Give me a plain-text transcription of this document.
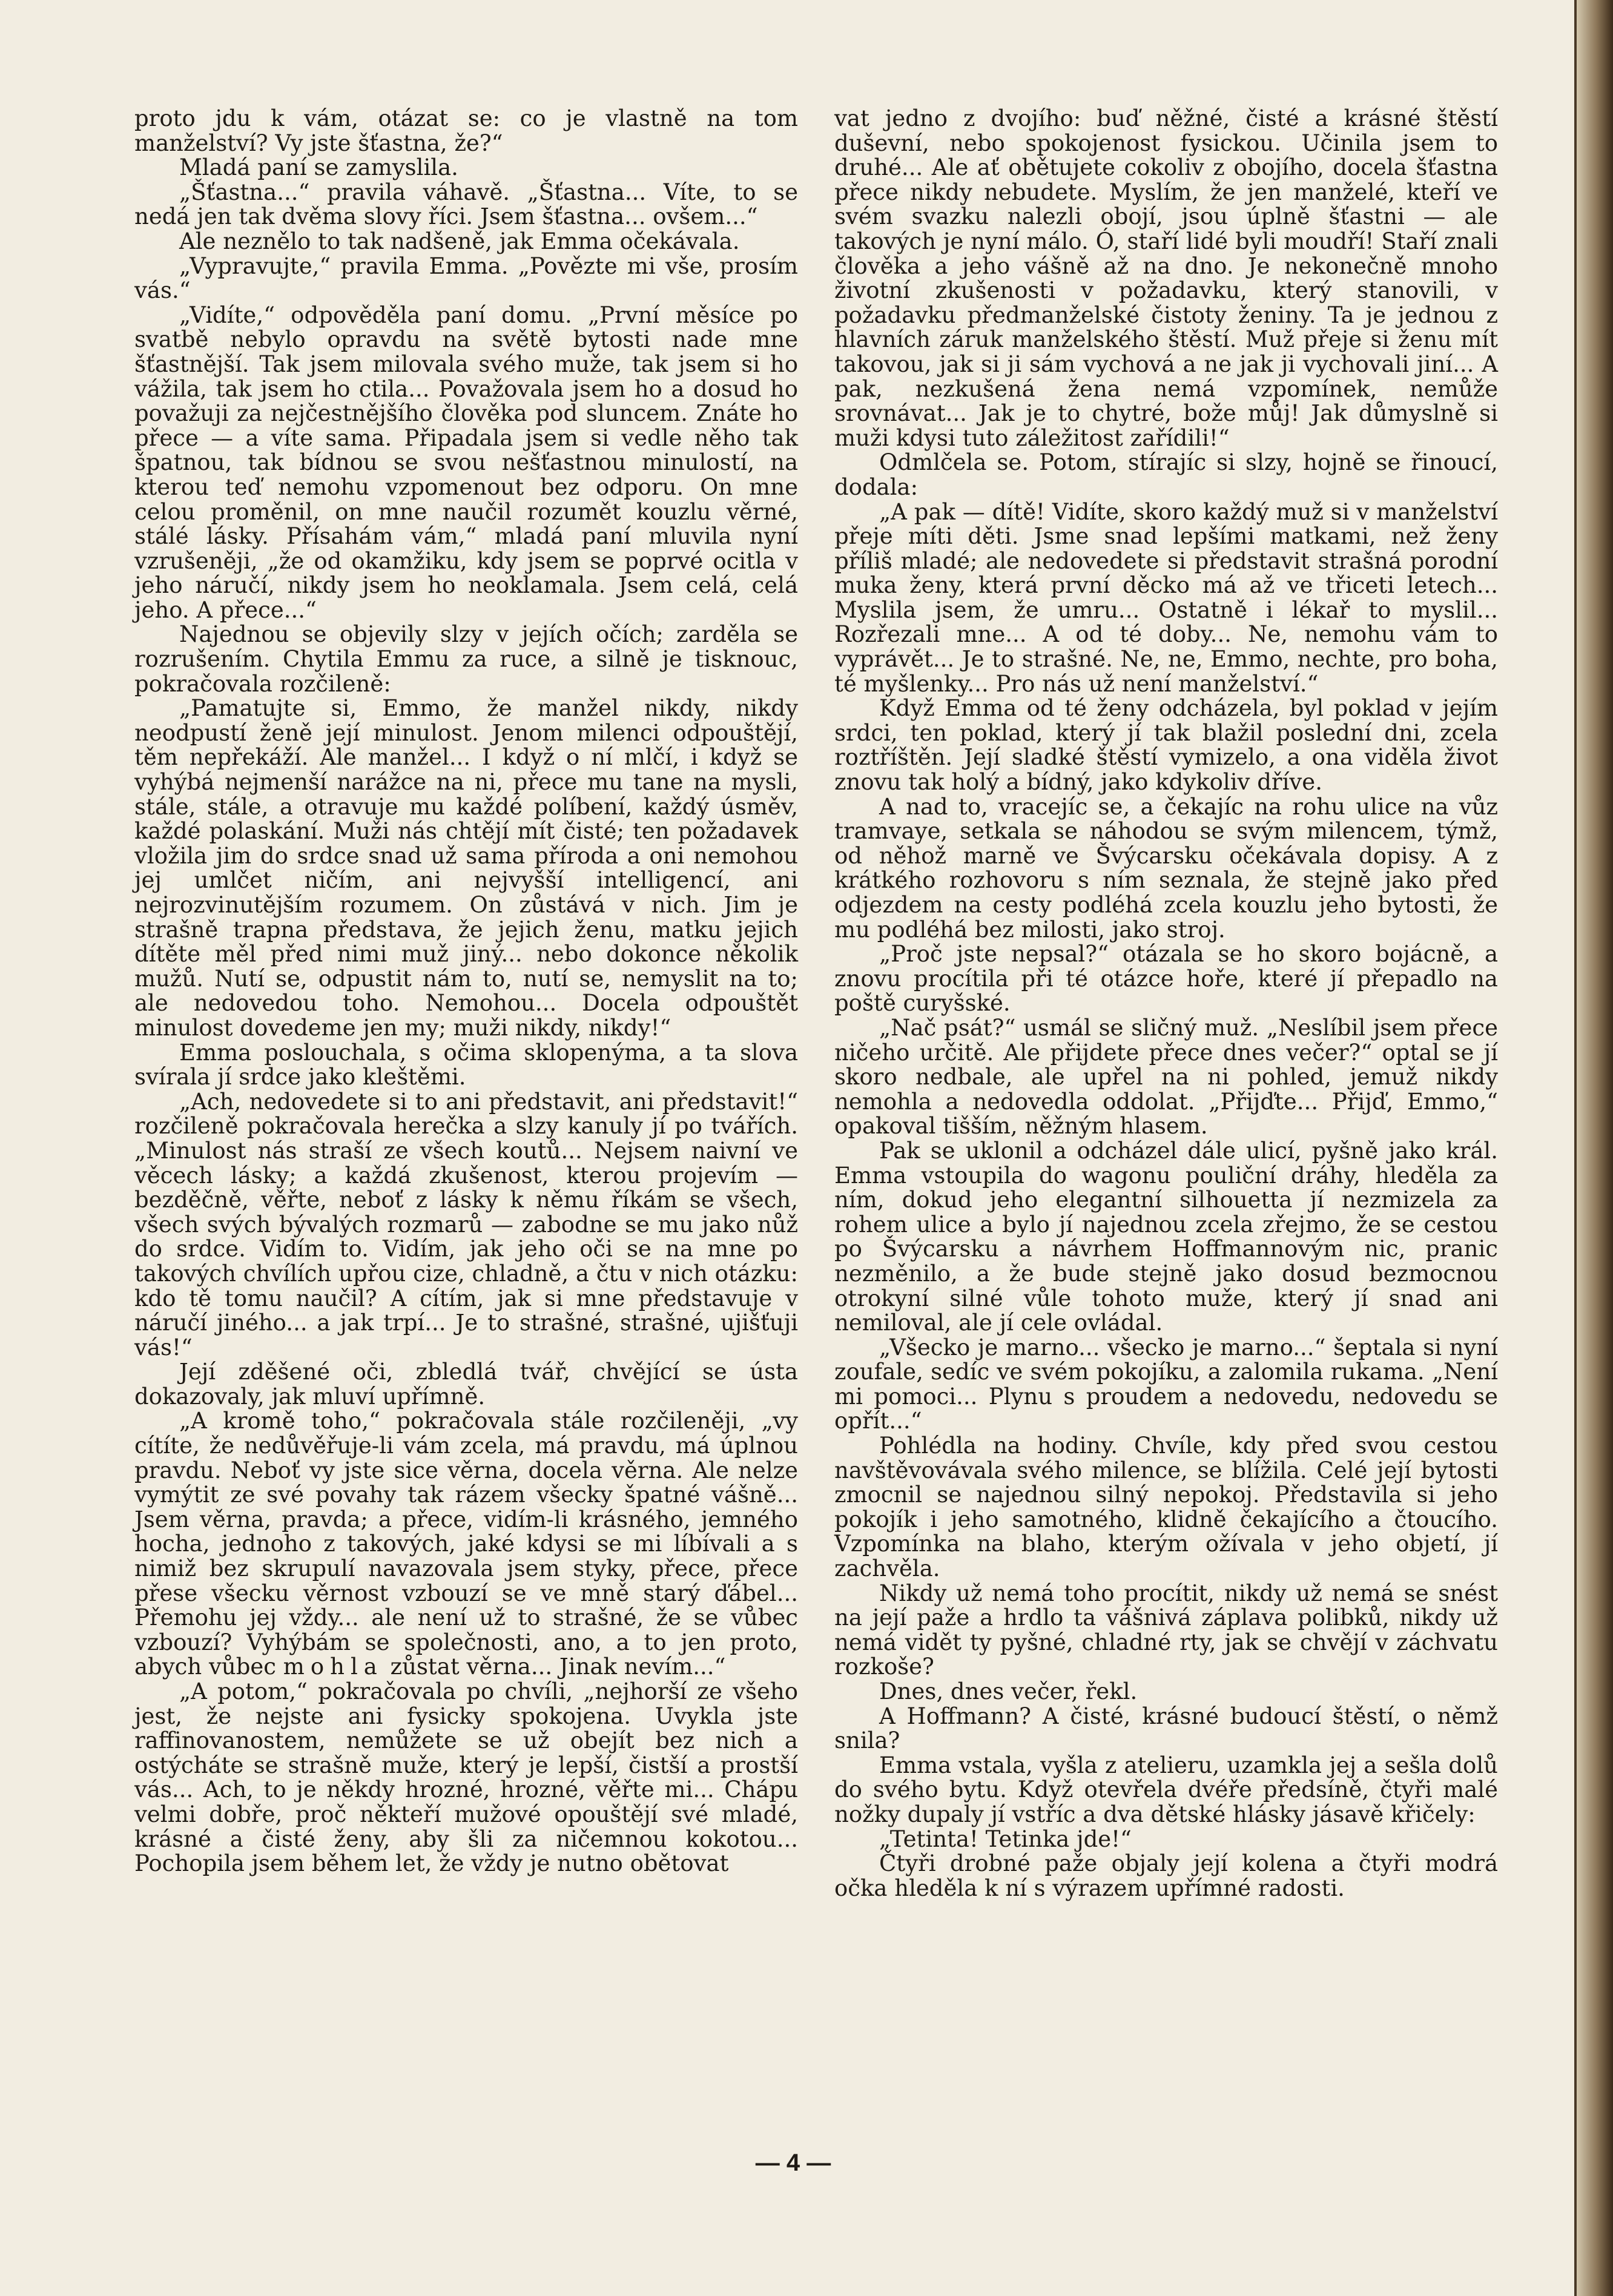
proto jdu k vám, otázat se: co je vlastně na tom manželství? Vy jste šťastna, že?“

Mladá paní se zamyslila.

„Šťastna...“ pravila váhavě. „Šťastna... Víte, to se nedá jen tak dvěma slovy říci. Jsem šťastna... ovšem...“

Ale neznělo to tak nadšeně, jak Emma očekávala.

„Vypravujte,“ pravila Emma. „Povězte mi vše, prosím vás.“

„Vidíte,“ odpověděla paní domu. „První měsíce po svatbě nebylo opravdu na světě bytosti nade mne šťastnější. Tak jsem milovala svého muže, tak jsem si ho vážila, tak jsem ho ctila... Považovala jsem ho a dosud ho považuji za nejčestnějšího člověka pod sluncem. Znáte ho přece — a víte sama. Připadala jsem si vedle něho tak špatnou, tak bídnou se svou nešťastnou minulostí, na kterou teď nemohu vzpomenout bez odporu. On mne celou proměnil, on mne naučil rozumět kouzlu věrné, stálé lásky. Přísahám vám,“ mladá paní mluvila nyní vzrušeněji, „že od okamžiku, kdy jsem se poprvé ocitla v jeho náručí, nikdy jsem ho neoklamala. Jsem celá, celá jeho. A přece...“

Najednou se objevily slzy v jejích očích; zarděla se rozrušením. Chytila Emmu za ruce, a silně je tisknouc, pokračovala rozčileně:

„Pamatujte si, Emmo, že manžel nikdy, nikdy neodpustí ženě její minulost. Jenom milenci odpouštějí, těm nepřekáží. Ale manžel... I když o ní mlčí, i když se vyhýbá nejmenší narážce na ni, přece mu tane na mysli, stále, stále, a otravuje mu každé políbení, každý úsměv, každé polaskání. Muži nás chtějí mít čisté; ten požadavek vložila jim do srdce snad už sama příroda a oni nemohou jej umlčet ničím, ani nejvyšší intelligencí, ani nejrozvinutějším rozumem. On zůstává v nich. Jim je strašně trapna představa, že jejich ženu, matku jejich dítěte měl před nimi muž jiný... nebo dokonce několik mužů. Nutí se, odpustit nám to, nutí se, nemyslit na to; ale nedovedou toho. Nemohou... Docela odpouštět minulost dovedeme jen my; muži nikdy, nikdy!“

Emma poslouchala, s očima sklopenýma, a ta slova svírala jí srdce jako kleštěmi.

„Ach, nedovedete si to ani představit, ani představit!“ rozčileně pokračovala herečka a slzy kanuly jí po tvářích. „Minulost nás straší ze všech koutů... Nejsem naivní ve věcech lásky; a každá zkušenost, kterou projevím — bezděčně, věřte, neboť z lásky k němu říkám se všech, všech svých bývalých rozmarů — zabodne se mu jako nůž do srdce. Vidím to. Vidím, jak jeho oči se na mne po takových chvílích upřou cize, chladně, a čtu v nich otázku: kdo tě tomu naučil? A cítím, jak si mne představuje v náručí jiného... a jak trpí... Je to strašné, strašné, ujišťuji vás!“

Její zděšené oči, zbledlá tvář, chvějící se ústa dokazovaly, jak mluví upřímně.

„A kromě toho,“ pokračovala stále rozčileněji, „vy cítíte, že nedůvěřuje-li vám zcela, má pravdu, má úplnou pravdu. Neboť vy jste sice věrna, docela věrna. Ale nelze vymýtit ze své povahy tak rázem všecky špatné vášně... Jsem věrna, pravda; a přece, vidím-li krásného, jemného hocha, jednoho z takových, jaké kdysi se mi líbívali a s nimiž bez skrupulí navazovala jsem styky, přece, přece přese všecku věrnost vzbouzí se ve mně starý ďábel... Přemohu jej vždy... ale není už to strašné, že se vůbec vzbouzí? Vyhýbám se společnosti, ano, a to jen proto, abych vůbec mohla zůstat věrna... Jinak nevím...“

„A potom,“ pokračovala po chvíli, „nejhorší ze všeho jest, že nejste ani fysicky spokojena. Uvykla jste raffinovanostem, nemůžete se už obejít bez nich a ostýcháte se strašně muže, který je lepší, čistší a prostší vás... Ach, to je někdy hrozné, hrozné, věřte mi... Chápu velmi dobře, proč někteří mužové opouštějí své mladé, krásné a čisté ženy, aby šli za ničemnou kokotou... Pochopila jsem během let, že vždy je nutno obětovat

vat jedno z dvojího: buď něžné, čisté a krásné štěstí duševní, nebo spokojenost fysickou. Učinila jsem to druhé... Ale ať obětujete cokoliv z obojího, docela šťastna přece nikdy nebudete. Myslím, že jen manželé, kteří ve svém svazku nalezli obojí, jsou úplně šťastni — ale takových je nyní málo. Ó, staří lidé byli moudří! Staří znali člověka a jeho vášně až na dno. Je nekonečně mnoho životní zkušenosti v požadavku, který stanovili, v požadavku předmanželské čistoty ženiny. Ta je jednou z hlavních záruk manželského štěstí. Muž přeje si ženu mít takovou, jak si ji sám vychová a ne jak ji vychovali jiní... A pak, nezkušená žena nemá vzpomínek, nemůže srovnávat... Jak je to chytré, bože můj! Jak důmyslně si muži kdysi tuto záležitost zařídili!“

Odmlčela se. Potom, stírajíc si slzy, hojně se řinoucí, dodala:

„A pak — dítě! Vidíte, skoro každý muž si v manželství přeje míti děti. Jsme snad lepšími matkami, než ženy příliš mladé; ale nedovedete si představit strašná porodní muka ženy, která první děcko má až ve třiceti letech... Myslila jsem, že umru... Ostatně i lékař to myslil... Rozřezali mne... A od té doby... Ne, nemohu vám to vyprávět... Je to strašné. Ne, ne, Emmo, nechte, pro boha, té myšlenky... Pro nás už není manželství.“

Když Emma od té ženy odcházela, byl poklad v jejím srdci, ten poklad, který jí tak blažil poslední dni, zcela roztříštěn. Její sladké štěstí vymizelo, a ona viděla život znovu tak holý a bídný, jako kdykoliv dříve.

A nad to, vracejíc se, a čekajíc na rohu ulice na vůz tramvaye, setkala se náhodou se svým milencem, týmž, od něhož marně ve Švýcarsku očekávala dopisy. A z krátkého rozhovoru s ním seznala, že stejně jako před odjezdem na cesty podléhá zcela kouzlu jeho bytosti, že mu podléhá bez milosti, jako stroj.

„Proč jste nepsal?“ otázala se ho skoro bojácně, a znovu procítila při té otázce hoře, které jí přepadlo na poště curyšské.

„Nač psát?“ usmál se sličný muž. „Neslíbil jsem přece ničeho určitě. Ale přijdete přece dnes večer?“ optal se jí skoro nedbale, ale upřel na ni pohled, jemuž nikdy nemohla a nedovedla oddolat. „Přijďte... Přijď, Emmo,“ opakoval tišším, něžným hlasem.

Pak se uklonil a odcházel dále ulicí, pyšně jako král. Emma vstoupila do wagonu pouliční dráhy, hleděla za ním, dokud jeho elegantní silhouetta jí nezmizela za rohem ulice a bylo jí najednou zcela zřejmo, že se cestou po Švýcarsku a návrhem Hoffmannovým nic, pranic nezměnilo, a že bude stejně jako dosud bezmocnou otrokyní silné vůle tohoto muže, který jí snad ani nemiloval, ale jí cele ovládal.

„Všecko je marno... všecko je marno...“ šeptala si nyní zoufale, sedíc ve svém pokojíku, a zalomila rukama. „Není mi pomoci... Plynu s proudem a nedovedu, nedovedu se opřít...“

Pohlédla na hodiny. Chvíle, kdy před svou cestou navštěvovávala svého milence, se blížila. Celé její bytosti zmocnil se najednou silný nepokoj. Představila si jeho pokojík i jeho samotného, klidně čekajícího a čtoucího. Vzpomínka na blaho, kterým ožívala v jeho objetí, jí zachvěla.

Nikdy už nemá toho procítit, nikdy už nemá se snést na její paže a hrdlo ta vášnivá záplava polibků, nikdy už nemá vidět ty pyšné, chladné rty, jak se chvějí v záchvatu rozkoše?

Dnes, dnes večer, řekl.

A Hoffmann? A čisté, krásné budoucí štěstí, o němž snila?

Emma vstala, vyšla z atelieru, uzamkla jej a sešla dolů do svého bytu. Když otevřela dvéře předsíně, čtyři malé nožky dupaly jí vstříc a dva dětské hlásky jásavě křičely:

„Tetinta! Tetinka jde!“

Čtyři drobné paže objaly její kolena a čtyři modrá očka hleděla k ní s výrazem upřímné radosti.

— 4 —
